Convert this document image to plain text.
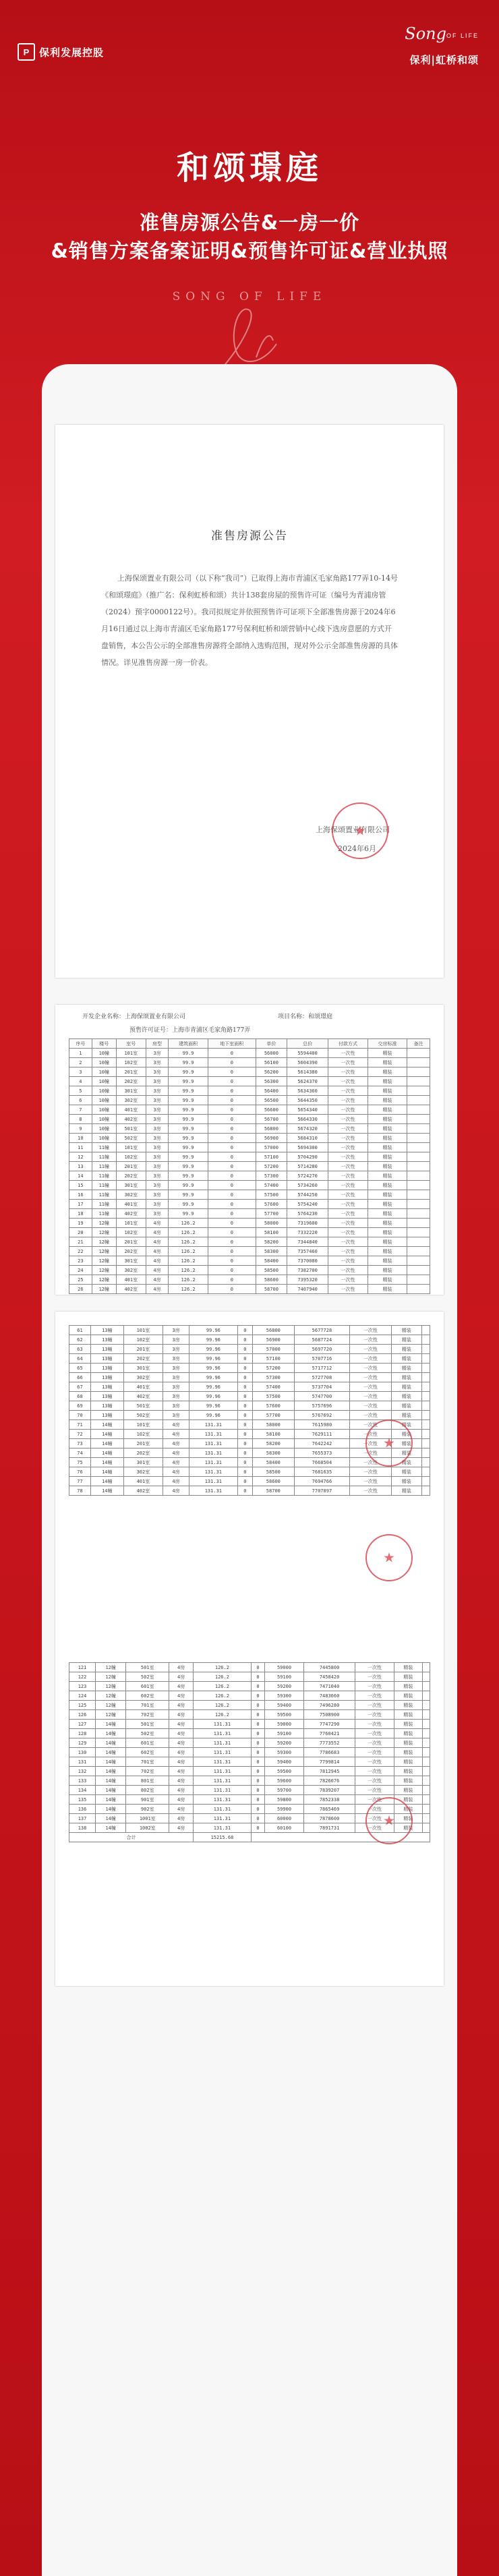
P 保利发展控股
Song OF LIFE
保利|虹桥和颂
和颂璟庭
准售房源公告&一房一价
&销售方案备案证明&预售许可证&营业执照
SONG OF LIFE
准售房源公告
上海保颂置业有限公司（以下称“我司”）已取得上海市青浦区毛家角路177弄10-14号《和颂璟庭》（推广名：保利虹桥和颂）共计138套房屋的预售许可证（编号为青浦房管（2024）预字0000122号）。我司拟规定并依照预售许可证项下全部准售房源于2024年6月16日通过以上海市青浦区毛家角路177号保利虹桥和颂营销中心线下选房意愿的方式开盘销售，本公告公示的全部准售房源将全部纳入选购范围，现对外公示全部准售房源的具体情况。详见准售房源一房一价表。
上海保颂置业有限公司
2024年6月
★
开发企业名称：上海保颂置业有限公司	项目名称：和颂璟庭
预售许可证号：上海市青浦区毛家角路177弄
序号	楼号	室号	房型	建筑面积	地下室面积	单价	总价	付款方式	交房标准	备注
1	10幢	101室	3房	99.9	0	56000	5594400	一次性	精装	
2	10幢	102室	3房	99.9	0	56100	5604390	一次性	精装	
3	10幢	201室	3房	99.9	0	56200	5614380	一次性	精装	
4	10幢	202室	3房	99.9	0	56300	5624370	一次性	精装	
5	10幢	301室	3房	99.9	0	56400	5634360	一次性	精装	
6	10幢	302室	3房	99.9	0	56500	5644350	一次性	精装	
7	10幢	401室	3房	99.9	0	56600	5654340	一次性	精装	
8	10幢	402室	3房	99.9	0	56700	5664330	一次性	精装	
9	10幢	501室	3房	99.9	0	56800	5674320	一次性	精装	
10	10幢	502室	3房	99.9	0	56900	5684310	一次性	精装	
11	11幢	101室	3房	99.9	0	57000	5694300	一次性	精装	
12	11幢	102室	3房	99.9	0	57100	5704290	一次性	精装	
13	11幢	201室	3房	99.9	0	57200	5714280	一次性	精装	
14	11幢	202室	3房	99.9	0	57300	5724270	一次性	精装	
15	11幢	301室	3房	99.9	0	57400	5734260	一次性	精装	
16	11幢	302室	3房	99.9	0	57500	5744250	一次性	精装	
17	11幢	401室	3房	99.9	0	57600	5754240	一次性	精装	
18	11幢	402室	3房	99.9	0	57700	5764230	一次性	精装	
19	12幢	101室	4房	126.2	0	58000	7319600	一次性	精装	
20	12幢	102室	4房	126.2	0	58100	7332220	一次性	精装	
21	12幢	201室	4房	126.2	0	58200	7344840	一次性	精装	
22	12幢	202室	4房	126.2	0	58300	7357460	一次性	精装	
23	12幢	301室	4房	126.2	0	58400	7370080	一次性	精装	
24	12幢	302室	4房	126.2	0	58500	7382700	一次性	精装	
25	12幢	401室	4房	126.2	0	58600	7395320	一次性	精装	
26	12幢	402室	4房	126.2	0	58700	7407940	一次性	精装	
61	13幢	101室	3房	99.96	0	56800	5677728	一次性	精装	
62	13幢	102室	3房	99.96	0	56900	5687724	一次性	精装	
63	13幢	201室	3房	99.96	0	57000	5697720	一次性	精装	
64	13幢	202室	3房	99.96	0	57100	5707716	一次性	精装	
65	13幢	301室	3房	99.96	0	57200	5717712	一次性	精装	
66	13幢	302室	3房	99.96	0	57300	5727708	一次性	精装	
67	13幢	401室	3房	99.96	0	57400	5737704	一次性	精装	
68	13幢	402室	3房	99.96	0	57500	5747700	一次性	精装	
69	13幢	501室	3房	99.96	0	57600	5757696	一次性	精装	
70	13幢	502室	3房	99.96	0	57700	5767692	一次性	精装	
71	14幢	101室	4房	131.31	0	58000	7615980	一次性	精装	
72	14幢	102室	4房	131.31	0	58100	7629111	一次性	精装	
73	14幢	201室	4房	131.31	0	58200	7642242	一次性	精装	
74	14幢	202室	4房	131.31	0	58300	7655373	一次性	精装	
75	14幢	301室	4房	131.31	0	58400	7668504	一次性	精装	
76	14幢	302室	4房	131.31	0	58500	7681635	一次性	精装	
77	14幢	401室	4房	131.31	0	58600	7694766	一次性	精装	
78	14幢	402室	4房	131.31	0	58700	7707897	一次性	精装	
121	12幢	501室	4房	126.2	0	59000	7445800	一次性	精装	
122	12幢	502室	4房	126.2	0	59100	7458420	一次性	精装	
123	12幢	601室	4房	126.2	0	59200	7471040	一次性	精装	
124	12幢	602室	4房	126.2	0	59300	7483660	一次性	精装	
125	12幢	701室	4房	126.2	0	59400	7496280	一次性	精装	
126	12幢	702室	4房	126.2	0	59500	7508900	一次性	精装	
127	14幢	501室	4房	131.31	0	59000	7747290	一次性	精装	
128	14幢	502室	4房	131.31	0	59100	7760421	一次性	精装	
129	14幢	601室	4房	131.31	0	59200	7773552	一次性	精装	
130	14幢	602室	4房	131.31	0	59300	7786683	一次性	精装	
131	14幢	701室	4房	131.31	0	59400	7799814	一次性	精装	
132	14幢	702室	4房	131.31	0	59500	7812945	一次性	精装	
133	14幢	801室	4房	131.31	0	59600	7826076	一次性	精装	
134	14幢	802室	4房	131.31	0	59700	7839207	一次性	精装	
135	14幢	901室	4房	131.31	0	59800	7852338	一次性	精装	
136	14幢	902室	4房	131.31	0	59900	7865469	一次性	精装	
137	14幢	1001室	4房	131.31	0	60000	7878600	一次性	精装	
138	14幢	1002室	4房	131.31	0	60100	7891731	一次性	精装	
合计				15215.68						
★
★
★
